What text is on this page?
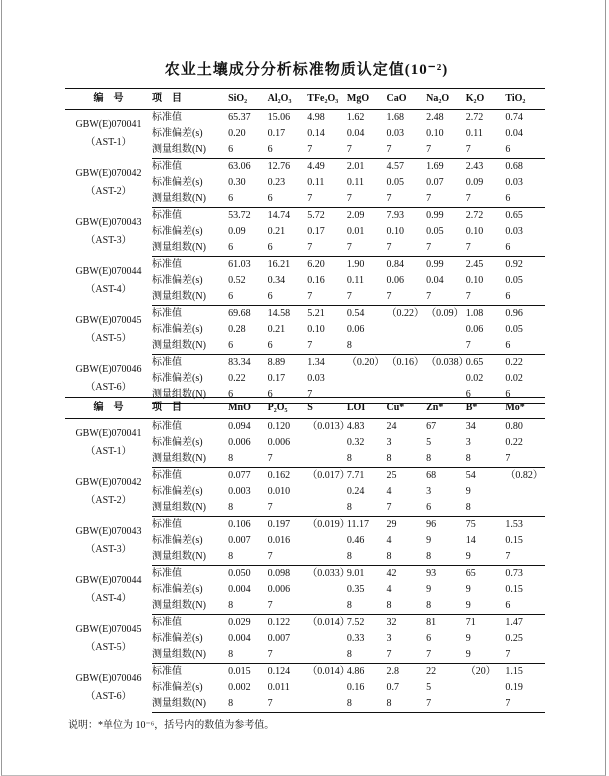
农业土壤成分分析标准物质认定值(10⁻²)
编　号	项　目	SiO₂	Al₂O₃	TFe₂O₃	MgO	CaO	Na₂O	K₂O	TiO₂

GBW(E)070041
（AST-1）	标准值	65.37	15.06	4.98	1.62	1.68	2.48	2.72	0.74
	标准偏差(s)	0.20	0.17	0.14	0.04	0.03	0.10	0.11	0.04
	测量组数(N)	6	6	7	7	7	7	7	6

GBW(E)070042
（AST-2）	标准值	63.06	12.76	4.49	2.01	4.57	1.69	2.43	0.68
	标准偏差(s)	0.30	0.23	0.11	0.11	0.05	0.07	0.09	0.03
	测量组数(N)	6	6	7	7	7	7	7	6

GBW(E)070043
（AST-3）	标准值	53.72	14.74	5.72	2.09	7.93	0.99	2.72	0.65
	标准偏差(s)	0.09	0.21	0.17	0.01	0.10	0.05	0.10	0.03
	测量组数(N)	6	6	7	7	7	7	7	6

GBW(E)070044
（AST-4）	标准值	61.03	16.21	6.20	1.90	0.84	0.99	2.45	0.92
	标准偏差(s)	0.52	0.34	0.16	0.11	0.06	0.04	0.10	0.05
	测量组数(N)	6	6	7	7	7	7	7	6

GBW(E)070045
（AST-5）	标准值	69.68	14.58	5.21	0.54	（0.22）	（0.09）	1.08	0.96
	标准偏差(s)	0.28	0.21	0.10	0.06			0.06	0.05
	测量组数(N)	6	6	7	8			7	6

GBW(E)070046
（AST-6）	标准值	83.34	8.89	1.34	（0.20）	（0.16）	（0.038）	0.65	0.22
	标准偏差(s)	0.22	0.17	0.03				0.02	0.02
	测量组数(N)	6	6	7				6	6
编　号	项　目	MnO	P₂O₅	S	LOI	Cu*	Zn*	B*	Mo*

GBW(E)070041
（AST-1）	标准值	0.094	0.120	（0.013）	4.83	24	67	34	0.80
	标准偏差(s)	0.006	0.006		0.32	3	5	3	0.22
	测量组数(N)	8	7		8	8	8	8	7

GBW(E)070042
（AST-2）	标准值	0.077	0.162	（0.017）	7.71	25	68	54	（0.82）
	标准偏差(s)	0.003	0.010		0.24	4	3	9	
	测量组数(N)	8	7		8	7	6	8	

GBW(E)070043
（AST-3）	标准值	0.106	0.197	（0.019）	11.17	29	96	75	1.53
	标准偏差(s)	0.007	0.016		0.46	4	9	14	0.15
	测量组数(N)	8	7		8	8	8	9	7

GBW(E)070044
（AST-4）	标准值	0.050	0.098	（0.033）	9.01	42	93	65	0.73
	标准偏差(s)	0.004	0.006		0.35	4	9	9	0.15
	测量组数(N)	8	7		8	8	8	9	6

GBW(E)070045
（AST-5）	标准值	0.029	0.122	（0.014）	7.52	32	81	71	1.47
	标准偏差(s)	0.004	0.007		0.33	3	6	9	0.25
	测量组数(N)	8	7		8	7	7	9	7

GBW(E)070046
（AST-6）	标准值	0.015	0.124	（0.014）	4.86	2.8	22	（20）	1.15
	标准偏差(s)	0.002	0.011		0.16	0.7	5		0.19
	测量组数(N)	8	7		8	8	7		7
说明：*单位为 10⁻⁶，括号内的数值为参考值。
